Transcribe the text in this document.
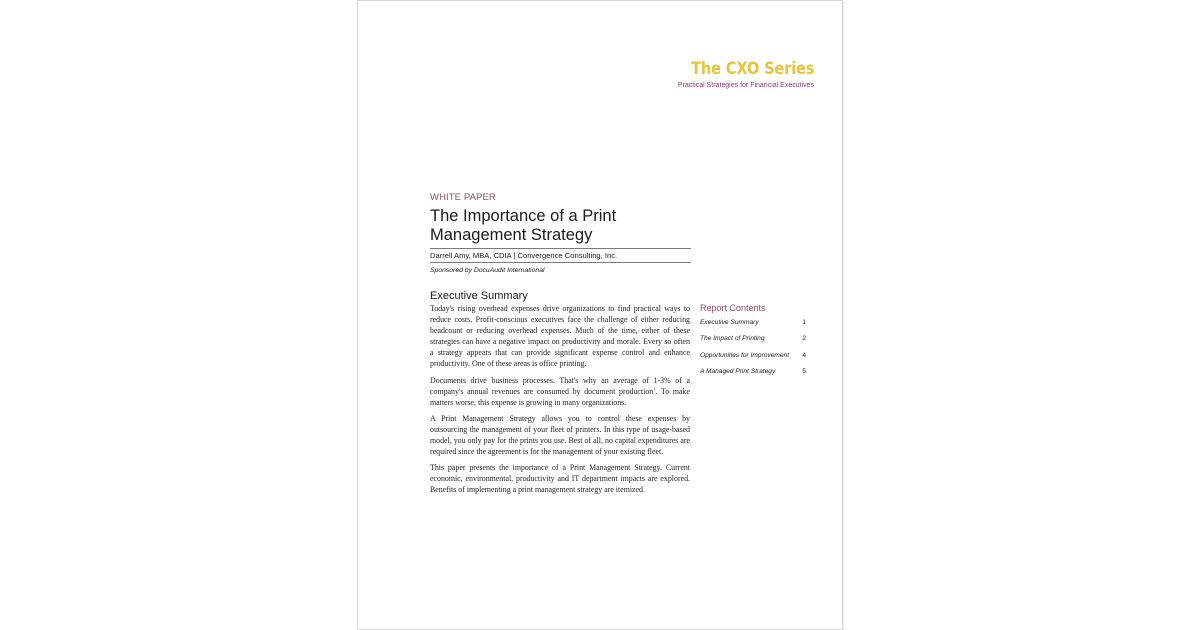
The CXO Series
Practical Strategies for Financial Executives
WHITE PAPER
The Importance of a Print
Management Strategy
Darrell Amy, MBA, CDIA | Convergence Consulting, Inc.
Sponsored by DocuAudit International
Executive Summary

Today's rising overhead expenses drive organizations to find practical ways to reduce costs. Profit-conscious executives face the challenge of either reducing headcount or reducing overhead expenses. Much of the time, either of these strategies can have a negative impact on productivity and morale. Every so often a strategy appears that can provide significant expense control and enhance productivity. One of these areas is office printing.

Documents drive business processes. That's why an average of 1-3% of a company's annual revenues are consumed by document production$^1$. To make matters worse, this expense is growing in many organizations.

A Print Management Strategy allows you to control these expenses by outsourcing the management of your fleet of printers. In this type of usage-based model, you only pay for the prints you use. Best of all, no capital expenditures are required since the agreement is for the management of your existing fleet.

This paper presents the importance of a Print Management Strategy. Current economic, environmental, productivity and IT department impacts are explored. Benefits of implementing a print management strategy are itemized.

Report Contents
Executive Summary	1
The Impact of Printing	2
Opportunities for Improvement	4
A Managed Print Strategy	5
